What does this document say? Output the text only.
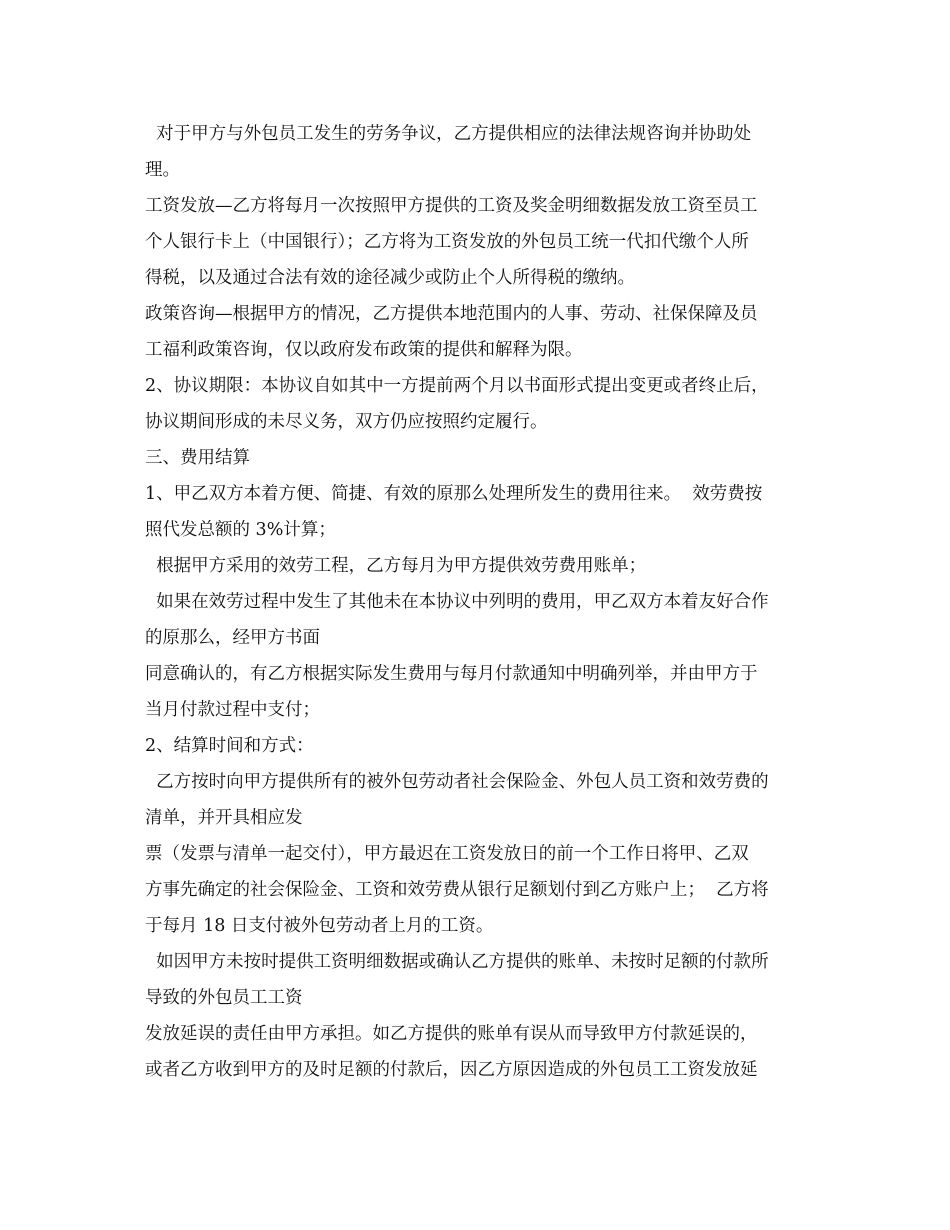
对于甲方与外包员工发生的劳务争议，乙方提供相应的法律法规咨询并协助处
理。
工资发放—乙方将每月一次按照甲方提供的工资及奖金明细数据发放工资至员工
个人银行卡上（中国银行）；乙方将为工资发放的外包员工统一代扣代缴个人所
得税，以及通过合法有效的途径减少或防止个人所得税的缴纳。
政策咨询—根据甲方的情况，乙方提供本地范围内的人事、劳动、社保保障及员
工福利政策咨询，仅以政府发布政策的提供和解释为限。
2、协议期限：本协议自如其中一方提前两个月以书面形式提出变更或者终止后，
协议期间形成的未尽义务，双方仍应按照约定履行。
三、费用结算
1、甲乙双方本着方便、简捷、有效的原那么处理所发生的费用往来。  效劳费按
照代发总额的 3%计算；
根据甲方采用的效劳工程，乙方每月为甲方提供效劳费用账单；
如果在效劳过程中发生了其他未在本协议中列明的费用，甲乙双方本着友好合作
的原那么，经甲方书面
同意确认的，有乙方根据实际发生费用与每月付款通知中明确列举，并由甲方于
当月付款过程中支付；
2、结算时间和方式：
乙方按时向甲方提供所有的被外包劳动者社会保险金、外包人员工资和效劳费的
清单，并开具相应发
票（发票与清单一起交付），甲方最迟在工资发放日的前一个工作日将甲、乙双
方事先确定的社会保险金、工资和效劳费从银行足额划付到乙方账户上；  乙方将
于每月 18 日支付被外包劳动者上月的工资。
如因甲方未按时提供工资明细数据或确认乙方提供的账单、未按时足额的付款所
导致的外包员工工资
发放延误的责任由甲方承担。如乙方提供的账单有误从而导致甲方付款延误的，
或者乙方收到甲方的及时足额的付款后，因乙方原因造成的外包员工工资发放延
